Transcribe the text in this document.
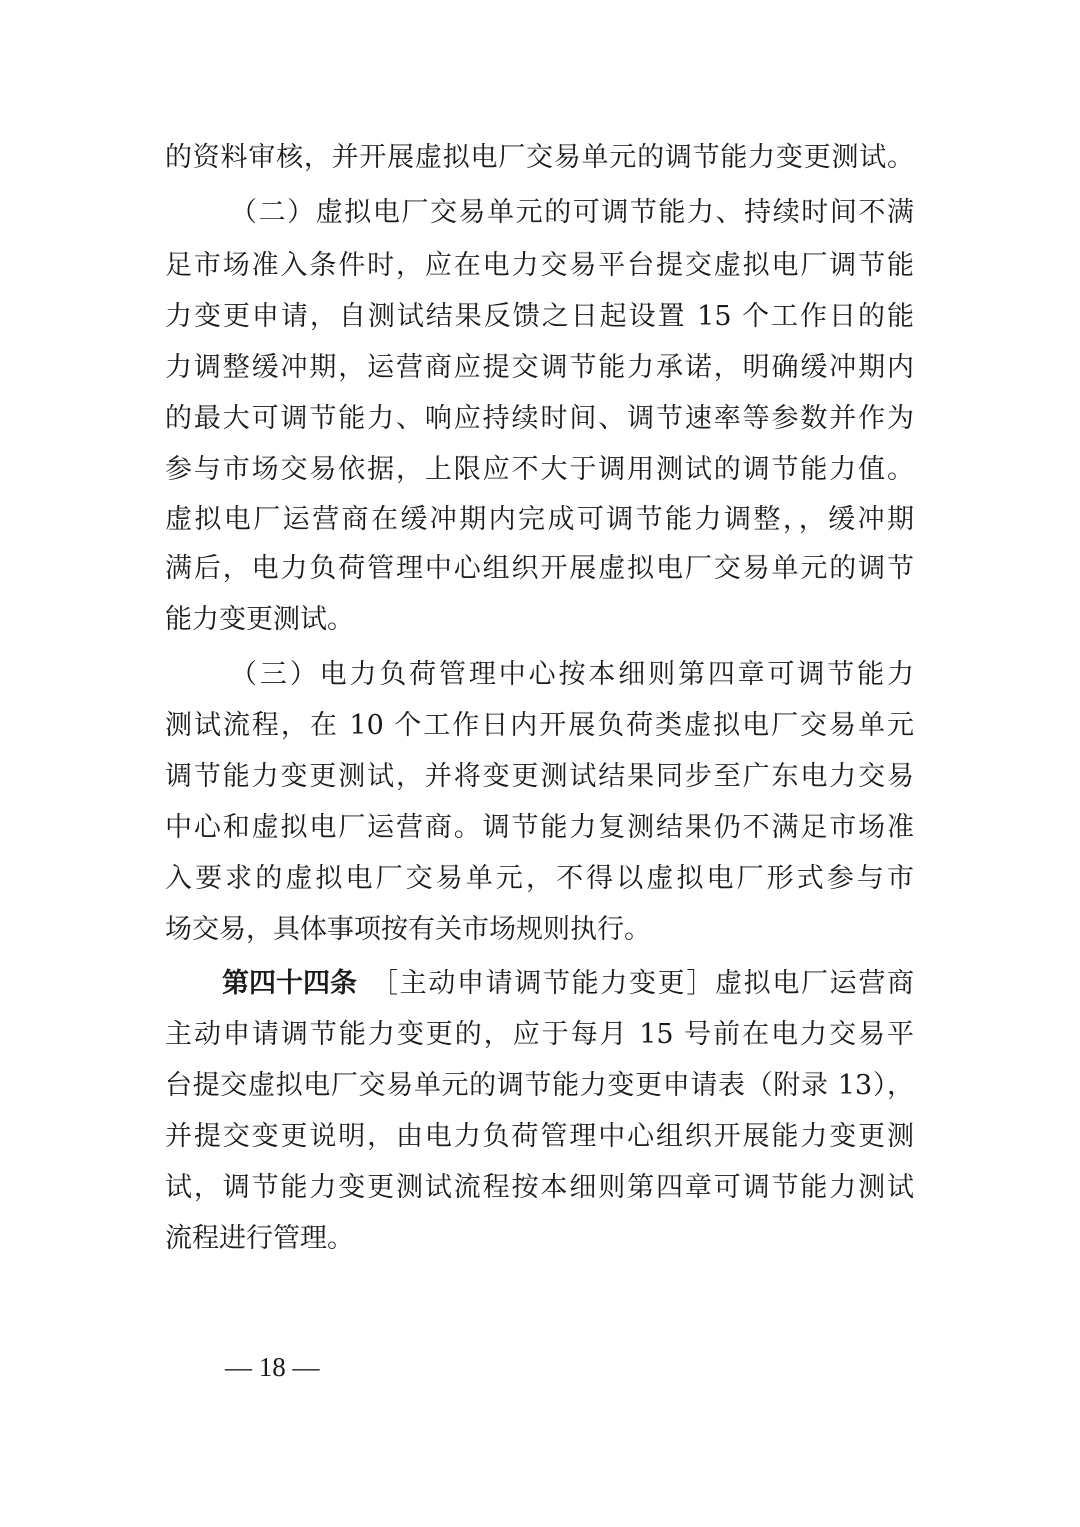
的资料审核，并开展虚拟电厂交易单元的调节能力变更测试。
（二）虚拟电厂交易单元的可调节能力、持续时间不满
足市场准入条件时，应在电力交易平台提交虚拟电厂调节能
力变更申请，自测试结果反馈之日起设置 15 个工作日的能
力调整缓冲期，运营商应提交调节能力承诺，明确缓冲期内
的最大可调节能力、响应持续时间、调节速率等参数并作为
参与市场交易依据，上限应不大于调用测试的调节能力值。
虚拟电厂运营商在缓冲期内完成可调节能力调整，，缓冲期
满后，电力负荷管理中心组织开展虚拟电厂交易单元的调节
能力变更测试。
（三）电力负荷管理中心按本细则第四章可调节能力
测试流程，在 10 个工作日内开展负荷类虚拟电厂交易单元
调节能力变更测试，并将变更测试结果同步至广东电力交易
中心和虚拟电厂运营商。调节能力复测结果仍不满足市场准
入要求的虚拟电厂交易单元，不得以虚拟电厂形式参与市
场交易，具体事项按有关市场规则执行。
第四十四条 ［主动申请调节能力变更］虚拟电厂运营商
主动申请调节能力变更的，应于每月 15 号前在电力交易平
台提交虚拟电厂交易单元的调节能力变更申请表（附录 13），
并提交变更说明，由电力负荷管理中心组织开展能力变更测
试，调节能力变更测试流程按本细则第四章可调节能力测试
流程进行管理。
— 18 —
